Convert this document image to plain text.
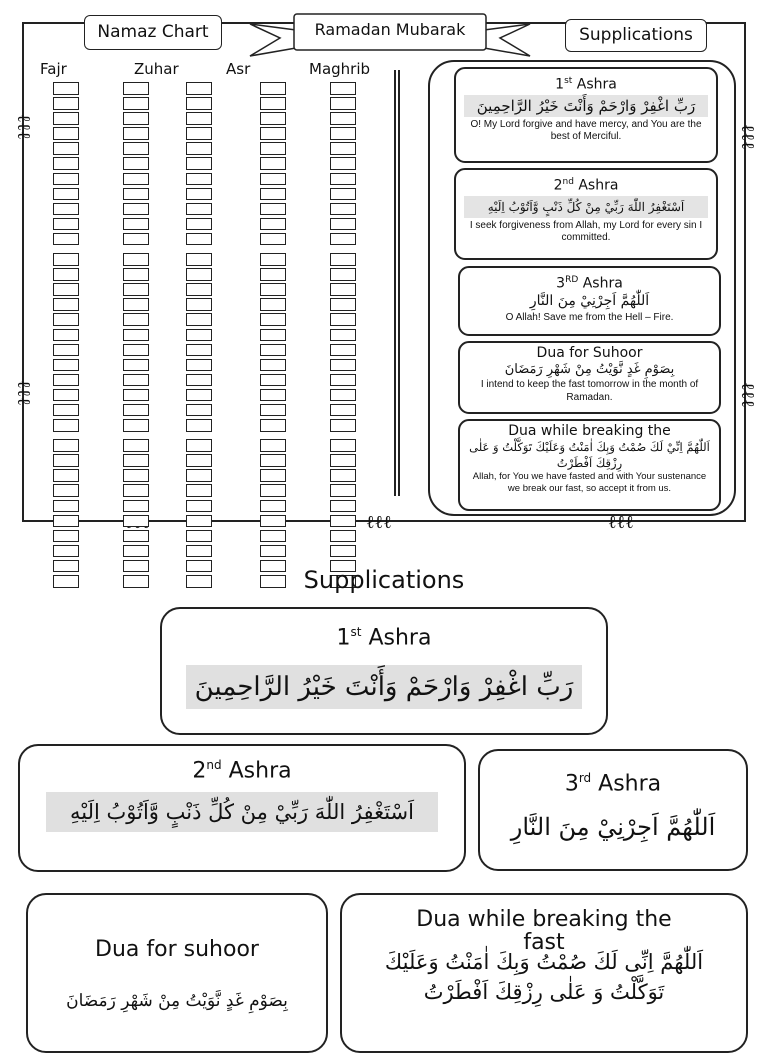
ℓℓℓ
ℓℓℓ
ℓℓℓ
ℓℓℓ
ℓℓℓ	ℓℓℓ
Namaz Chart	Ramadan Mubarak	Supplications
Fajr	Zuhar	Asr	Maghrib
1st Ashra
رَبِّ اغْفِرْ وَارْحَمْ وَأَنْتَ خَيْرُ الرَّاحِمِينَ
O! My Lord forgive and have mercy, and You are the best of Merciful.
2nd Ashra
اَسْتَغْفِرُ اللّٰهَ رَبِّيْ مِنْ كُلِّ ذَنْبٍ وَّاَتُوْبُ اِلَيْهِ
I seek forgiveness from Allah, my Lord for every sin I committed.
3RD Ashra
اَللّٰهُمَّ اَجِرْنِيْ مِنَ النَّارِ
O Allah! Save me from the Hell – Fire.
Dua for Suhoor
بِصَوْمِ غَدٍ نَّوَيْتُ مِنْ شَهْرِ رَمَضَانَ
I intend to keep the fast tomorrow in the month of Ramadan.
Dua while breaking the
اَللّٰهُمَّ اِنِّيْ لَكَ صُمْتُ وَبِكَ اٰمَنْتُ وَعَلَيْكَ تَوَكَّلْتُ وَ عَلٰى رِزْقِكَ اَفْطَرْتُ
Allah, for You we have fasted and with Your sustenance we break our fast, so accept it from us.
Supplications
1st Ashra
رَبِّ اغْفِرْ وَارْحَمْ وَأَنْتَ خَيْرُ الرَّاحِمِينَ
2nd Ashra
اَسْتَغْفِرُ اللّٰهَ رَبِّيْ مِنْ كُلِّ ذَنْبٍ وَّاَتُوْبُ اِلَيْهِ
3rd Ashra
اَللّٰهُمَّ اَجِرْنِيْ مِنَ النَّارِ
Dua for suhoor
بِصَوْمِ غَدٍ نَّوَيْتُ مِنْ شَهْرِ رَمَضَانَ
Dua while breaking the
fast
اَللّٰهُمَّ اِنِّى لَكَ صُمْتُ وَبِكَ اٰمَنْتُ وَعَلَيْكَ
تَوَكَّلْتُ وَ عَلٰى رِزْقِكَ اَفْطَرْتُ
